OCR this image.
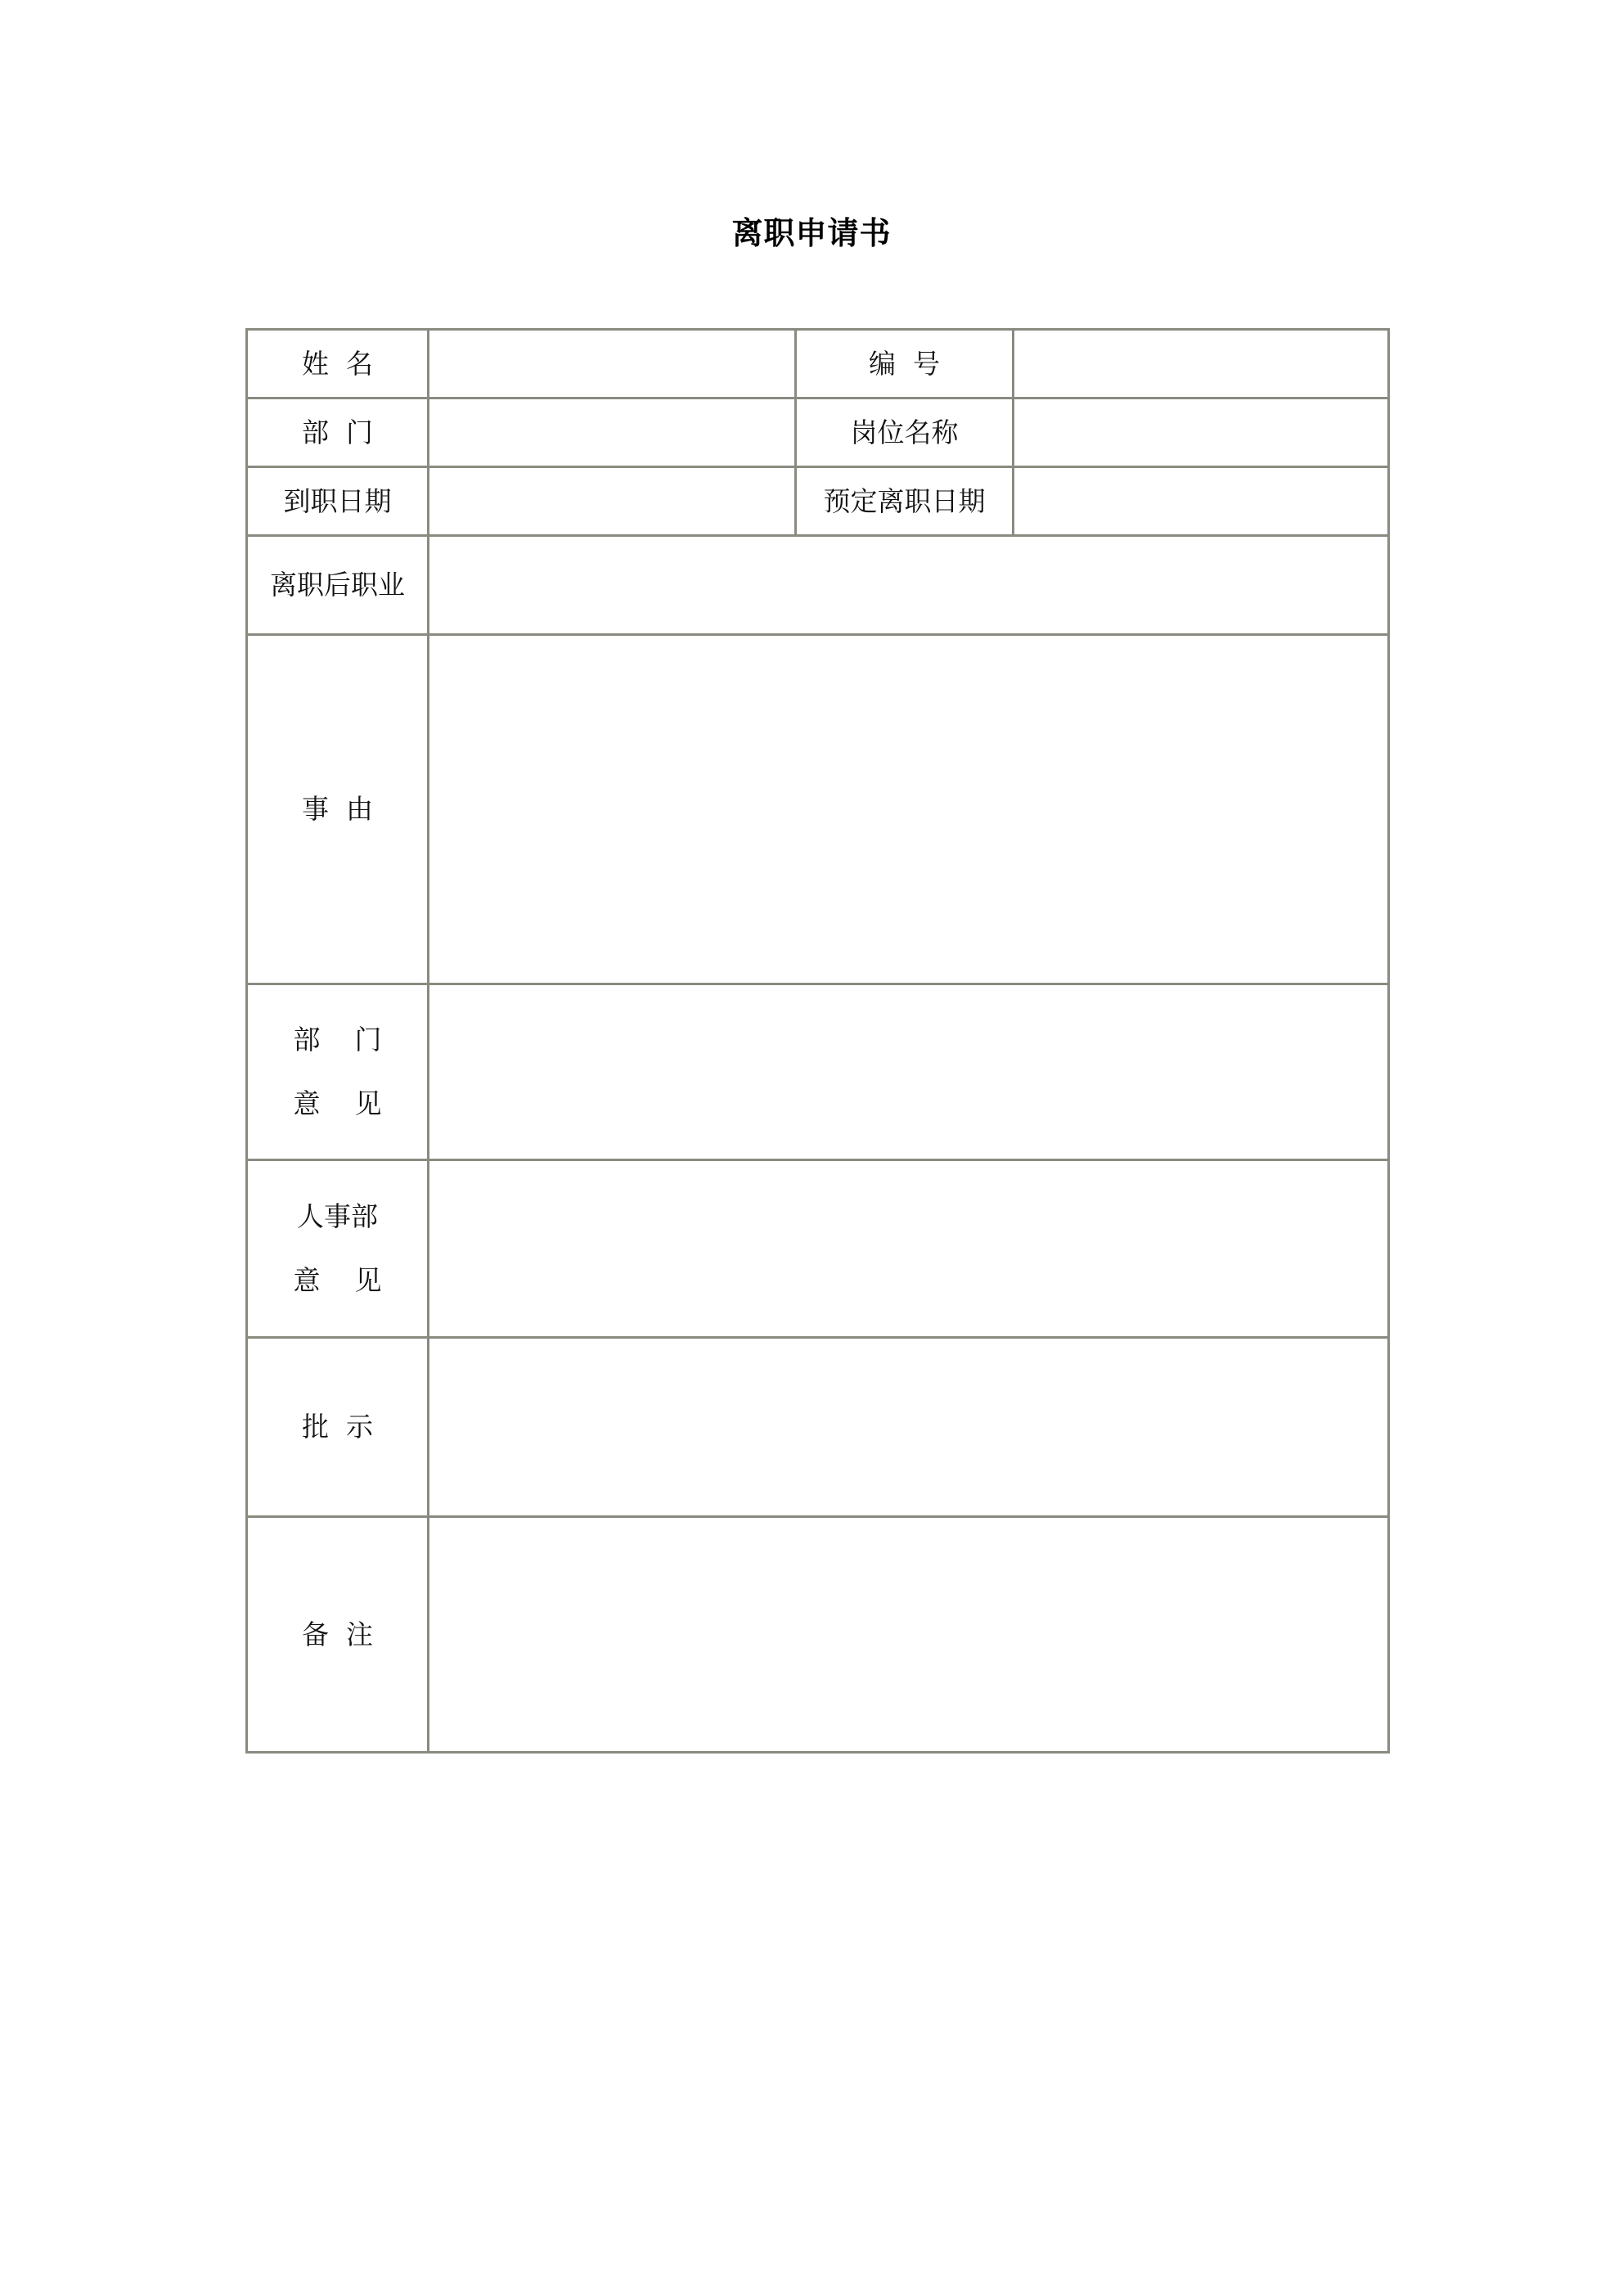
离职申请书
姓  名		编  号	
部  门		岗位名称	
到职日期		预定离职日期	
离职后职业			
事  由			

部    门
意    见			

人事部
意    见			

批  示			
备  注			
